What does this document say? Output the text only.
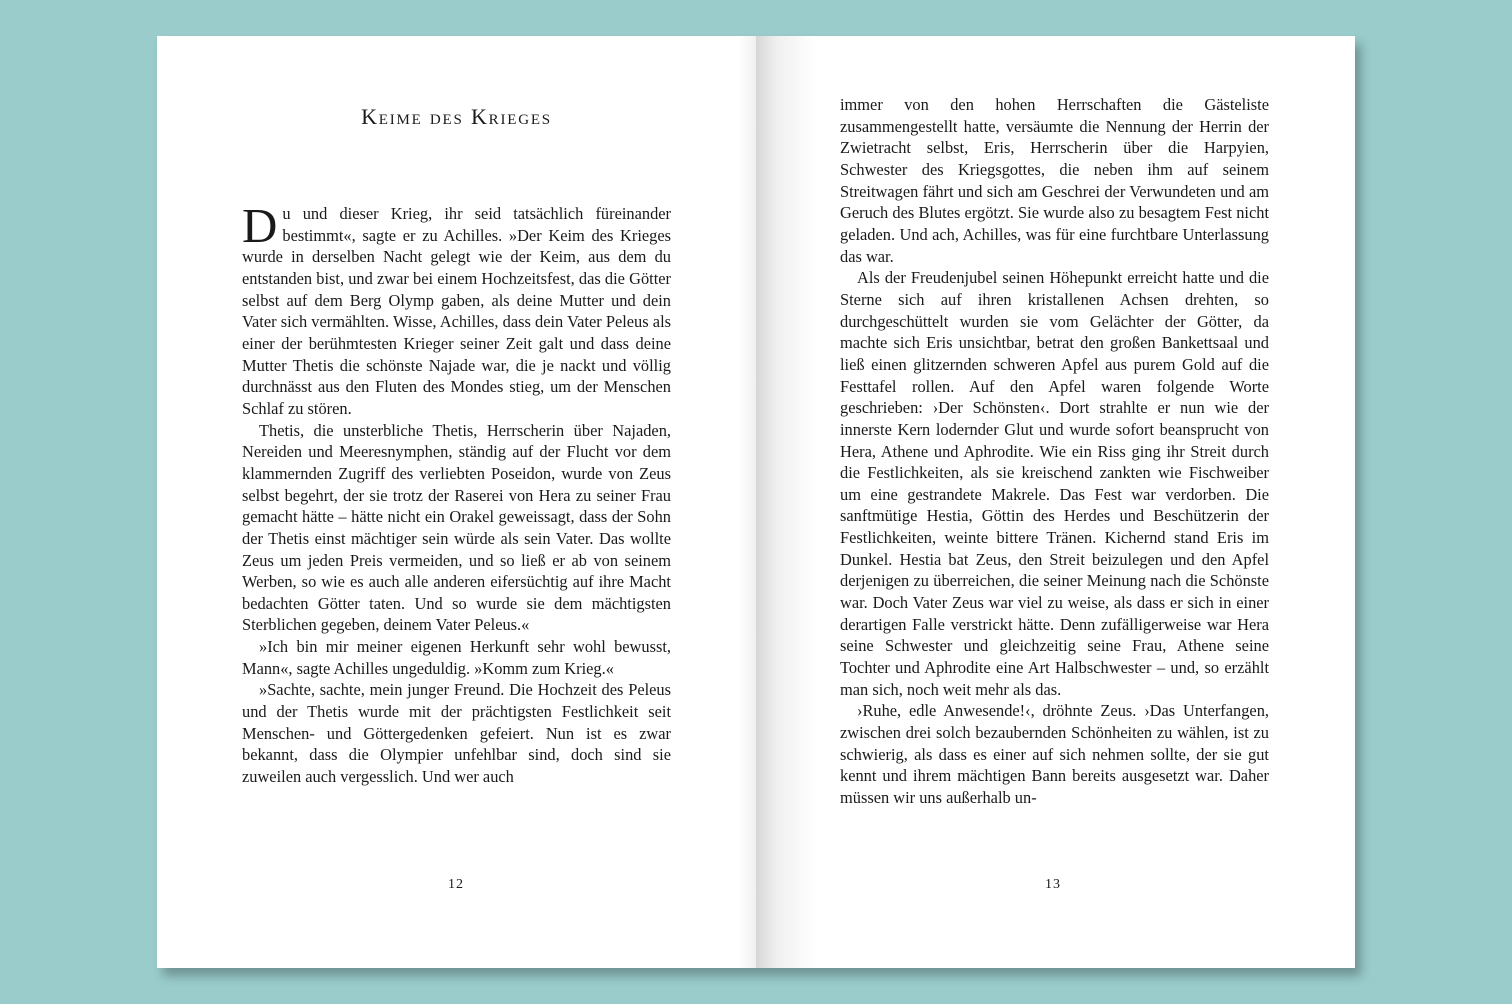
Keime des Krieges

Du und dieser Krieg, ihr seid tatsächlich füreinander bestimmt«, sagte er zu Achilles. »Der Keim des Krieges wurde in derselben Nacht gelegt wie der Keim, aus dem du entstanden bist, und zwar bei einem Hochzeitsfest, das die Götter selbst auf dem Berg Olymp gaben, als deine Mutter und dein Vater sich vermählten. Wisse, Achilles, dass dein Vater Peleus als einer der berühmtesten Krieger seiner Zeit galt und dass deine Mutter Thetis die schönste Najade war, die je nackt und völlig durchnässt aus den Fluten des Mondes stieg, um der Menschen Schlaf zu stören.

Thetis, die unsterbliche Thetis, Herrscherin über Najaden, Nereiden und Meeresnymphen, ständig auf der Flucht vor dem klammernden Zugriff des verliebten Poseidon, wurde von Zeus selbst begehrt, der sie trotz der Raserei von Hera zu seiner Frau gemacht hätte – hätte nicht ein Orakel geweissagt, dass der Sohn der Thetis einst mächtiger sein würde als sein Vater. Das wollte Zeus um jeden Preis vermeiden, und so ließ er ab von seinem Werben, so wie es auch alle anderen eifersüchtig auf ihre Macht bedachten Götter taten. Und so wurde sie dem mächtigsten Sterblichen gegeben, deinem Vater Peleus.«

»Ich bin mir meiner eigenen Herkunft sehr wohl bewusst, Mann«, sagte Achilles ungeduldig. »Komm zum Krieg.«

»Sachte, sachte, mein junger Freund. Die Hochzeit des Peleus und der Thetis wurde mit der prächtigsten Festlichkeit seit Menschen- und Göttergedenken gefeiert. Nun ist es zwar bekannt, dass die Olympier unfehlbar sind, doch sind sie zuweilen auch vergesslich. Und wer auch

12

immer von den hohen Herrschaften die Gästeliste zusammengestellt hatte, versäumte die Nennung der Herrin der Zwietracht selbst, Eris, Herrscherin über die Harpyien, Schwester des Kriegsgottes, die neben ihm auf seinem Streitwagen fährt und sich am Geschrei der Verwundeten und am Geruch des Blutes ergötzt. Sie wurde also zu besagtem Fest nicht geladen. Und ach, Achilles, was für eine furchtbare Unterlassung das war.

Als der Freudenjubel seinen Höhepunkt erreicht hatte und die Sterne sich auf ihren kristallenen Achsen drehten, so durchgeschüttelt wurden sie vom Gelächter der Götter, da machte sich Eris unsichtbar, betrat den großen Bankettsaal und ließ einen glitzernden schweren Apfel aus purem Gold auf die Festtafel rollen. Auf den Apfel waren folgende Worte geschrieben: ›Der Schönsten‹. Dort strahlte er nun wie der innerste Kern lodernder Glut und wurde sofort beansprucht von Hera, Athene und Aphrodite. Wie ein Riss ging ihr Streit durch die Festlichkeiten, als sie kreischend zankten wie Fischweiber um eine gestrandete Makrele. Das Fest war verdorben. Die sanftmütige Hestia, Göttin des Herdes und Beschützerin der Festlichkeiten, weinte bittere Tränen. Kichernd stand Eris im Dunkel. Hestia bat Zeus, den Streit beizulegen und den Apfel derjenigen zu überreichen, die seiner Meinung nach die Schönste war. Doch Vater Zeus war viel zu weise, als dass er sich in einer derartigen Falle verstrickt hätte. Denn zufälligerweise war Hera seine Schwester und gleichzeitig seine Frau, Athene seine Tochter und Aphrodite eine Art Halbschwester – und, so erzählt man sich, noch weit mehr als das.

›Ruhe, edle Anwesende!‹, dröhnte Zeus. ›Das Unterfangen, zwischen drei solch bezaubernden Schönheiten zu wählen, ist zu schwierig, als dass es einer auf sich nehmen sollte, der sie gut kennt und ihrem mächtigen Bann bereits ausgesetzt war. Daher müssen wir uns außerhalb un-

13
